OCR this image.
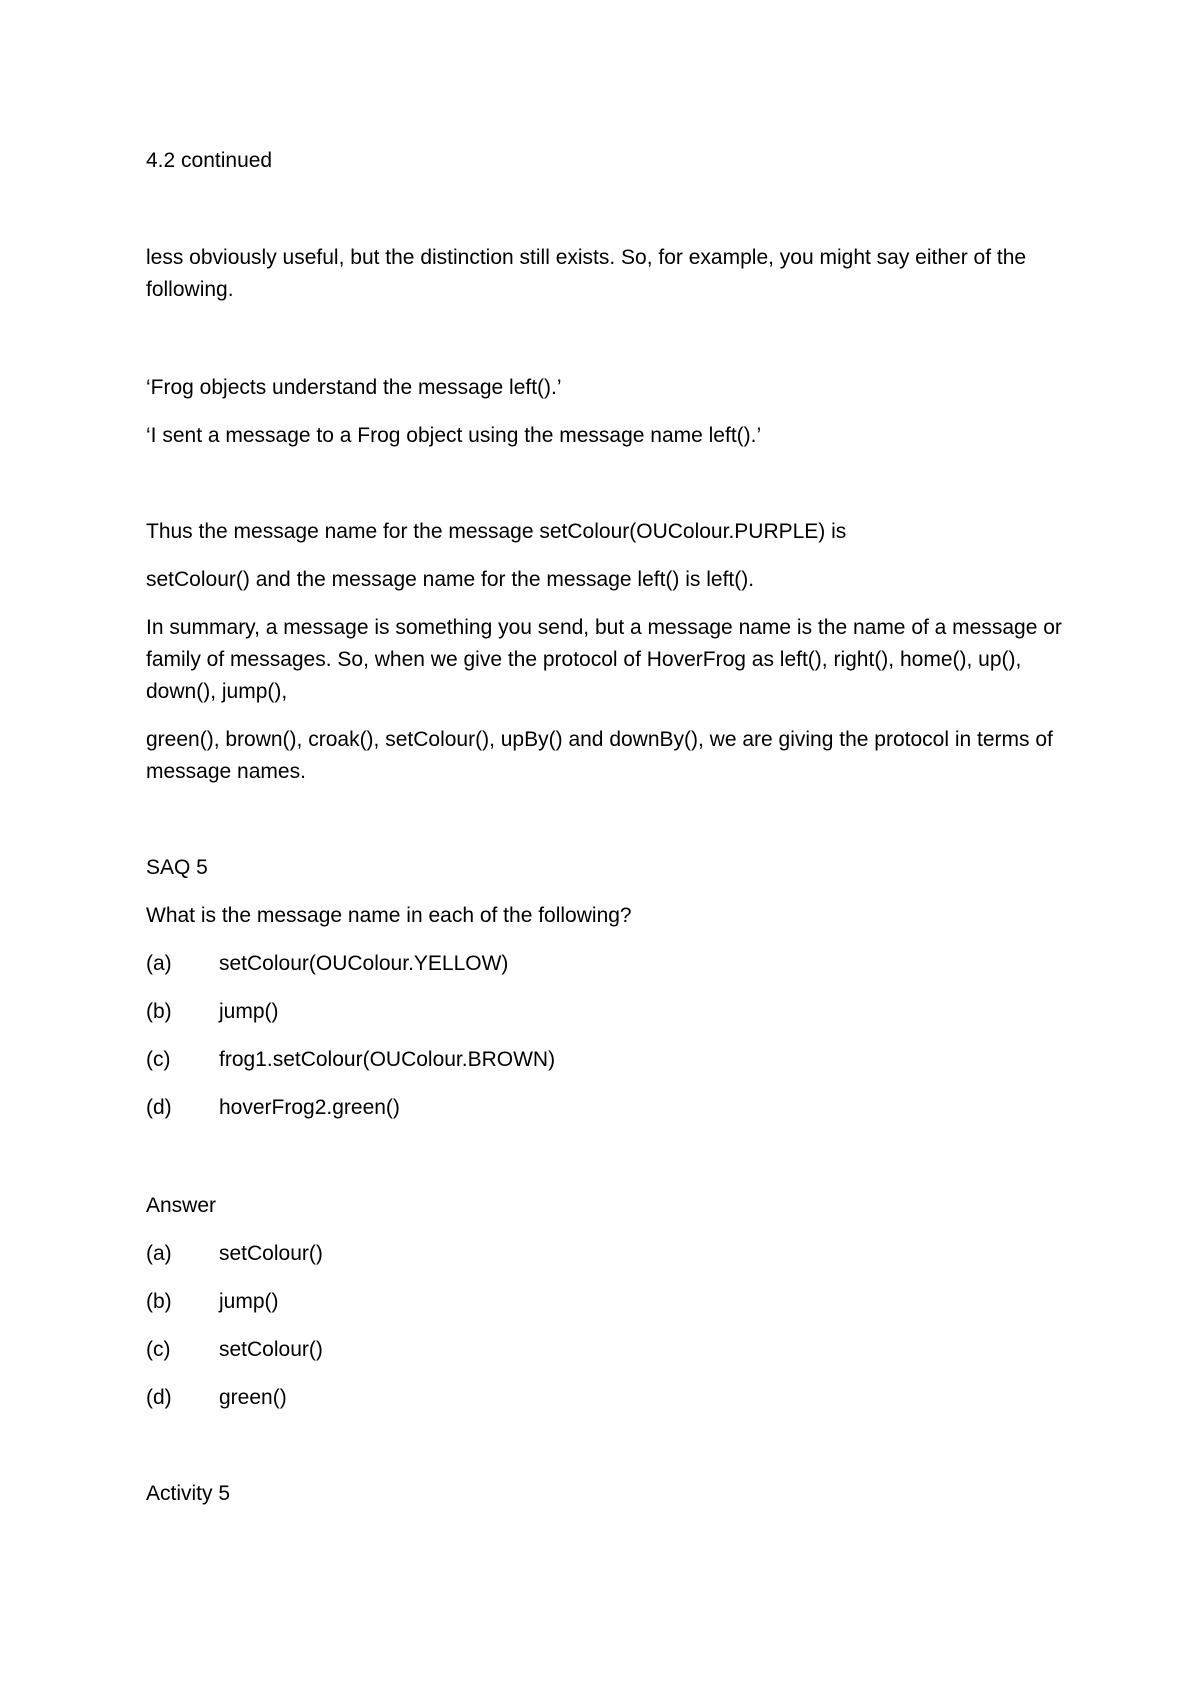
4.2 continued

less obviously useful, but the distinction still exists. So, for example, you might say either of the following.

‘Frog objects understand the message left().’

‘I sent a message to a Frog object using the message name left().’

Thus the message name for the message setColour(OUColour.PURPLE) is

setColour() and the message name for the message left() is left().

In summary, a message is something you send, but a message name is the name of a message or family of messages. So, when we give the protocol of HoverFrog as left(), right(), home(), up(), down(), jump(),

green(), brown(), croak(), setColour(), upBy() and downBy(), we are giving the protocol in terms of message names.

SAQ 5

What is the message name in each of the following?

(a) setColour(OUColour.YELLOW)

(b) jump()

(c) frog1.setColour(OUColour.BROWN)

(d) hoverFrog2.green()

Answer

(a) setColour()

(b) jump()

(c) setColour()

(d) green()

Activity 5
